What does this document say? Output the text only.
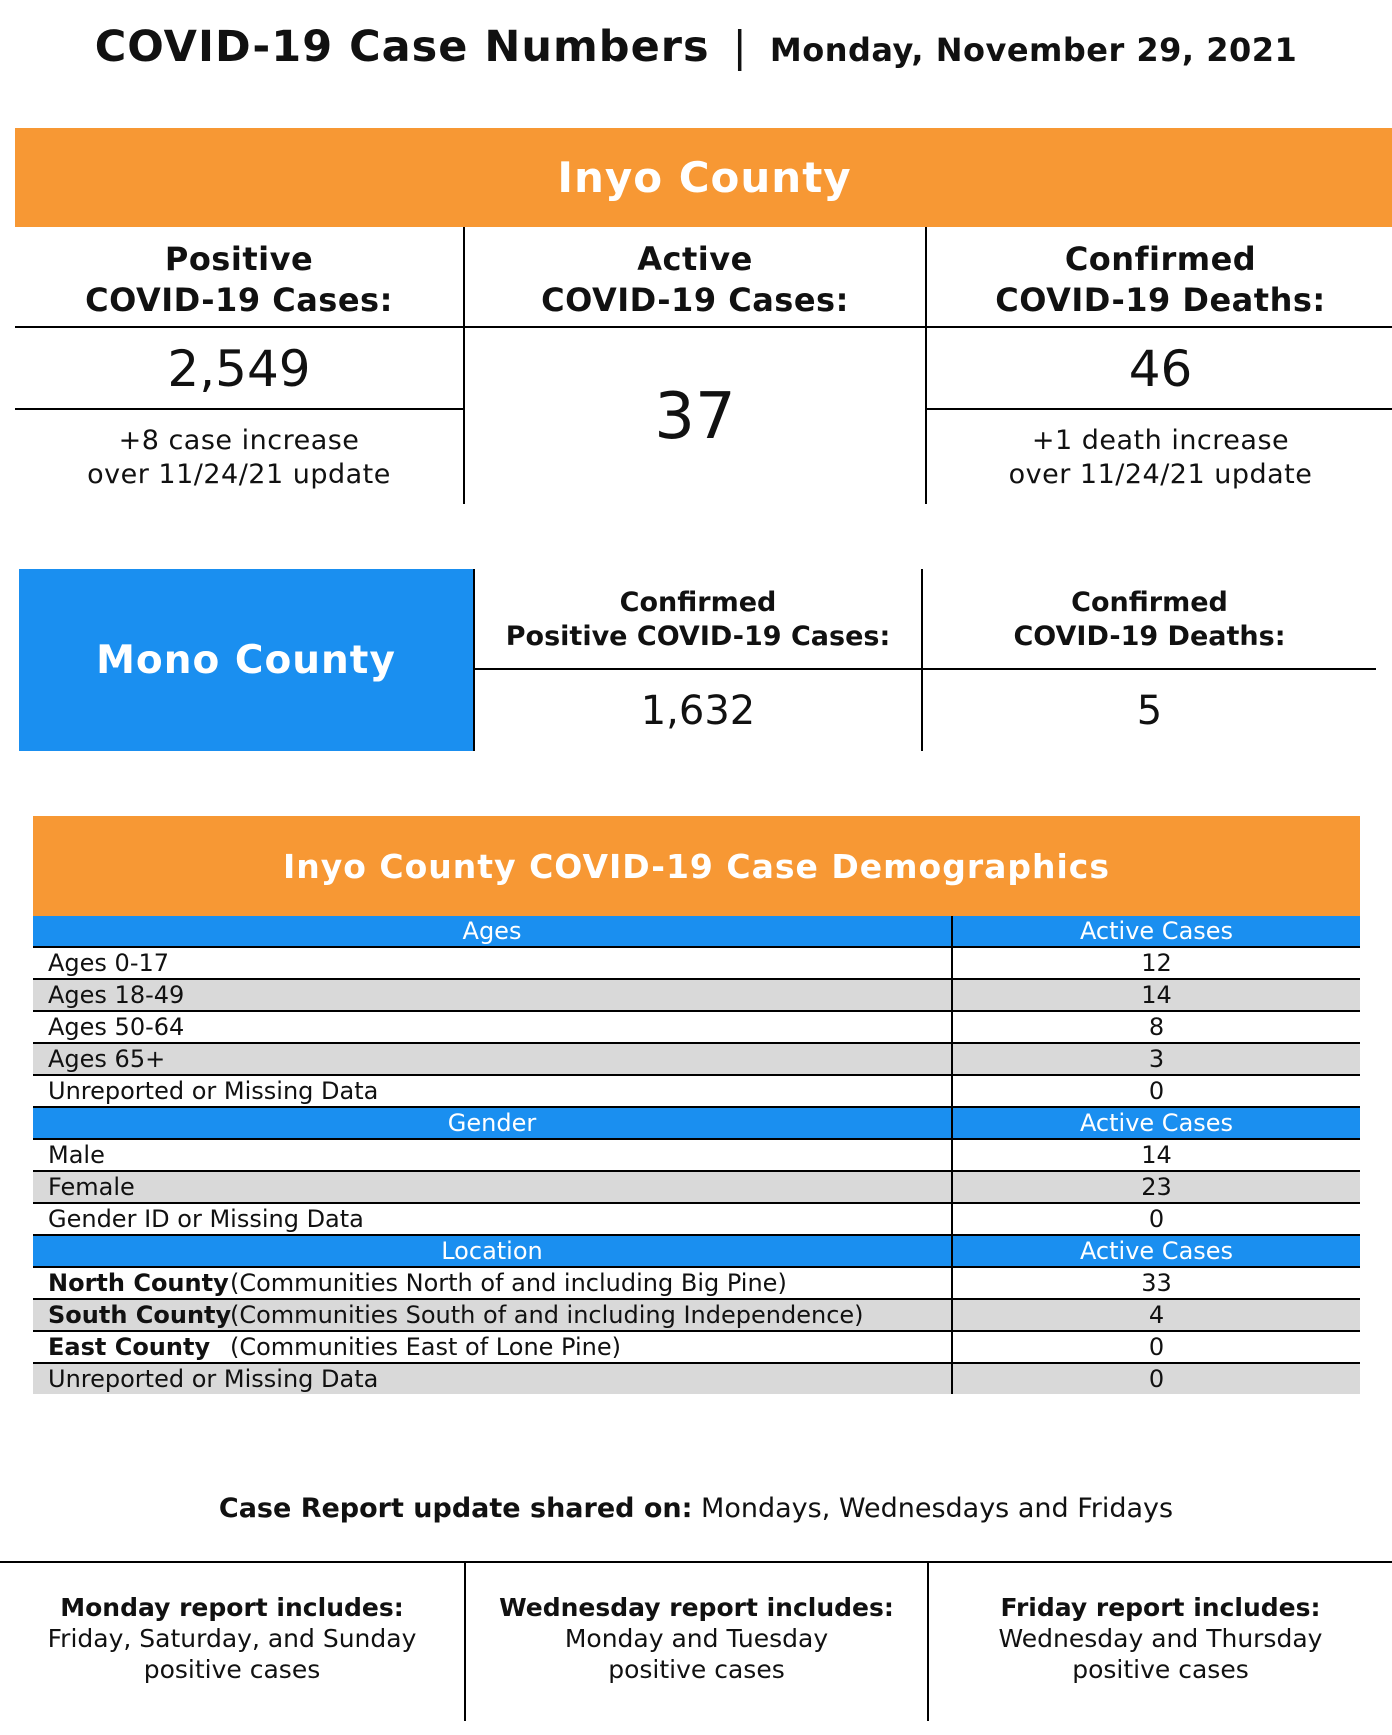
COVID-19 Case Numbers | Monday, November 29, 2021
Inyo County
Positive
COVID-19 Cases:
2,549
+8 case increase
over 11/24/21 update
Active
COVID-19 Cases:
37
Confirmed
COVID-19 Deaths:
46
+1 death increase
over 11/24/21 update
Mono County
Confirmed
Positive COVID-19 Cases:
1,632
Confirmed
COVID-19 Deaths:
5
Inyo County COVID-19 Case Demographics
Ages	Active Cases
Ages 0-17	12
Ages 18-49	14
Ages 50-64	8
Ages 65+	3
Unreported or Missing Data	0
Gender	Active Cases
Male	14
Female	23
Gender ID or Missing Data	0
Location	Active Cases
North County(Communities North of and including Big Pine)	33
South County(Communities South of and including Independence)	4
East County (Communities East of Lone Pine)	0
Unreported or Missing Data	0
Case Report update shared on: Mondays, Wednesdays and Fridays
Monday report includes:
Friday, Saturday, and Sunday
positive cases
Wednesday report includes:
Monday and Tuesday
positive cases
Friday report includes:
Wednesday and Thursday
positive cases
